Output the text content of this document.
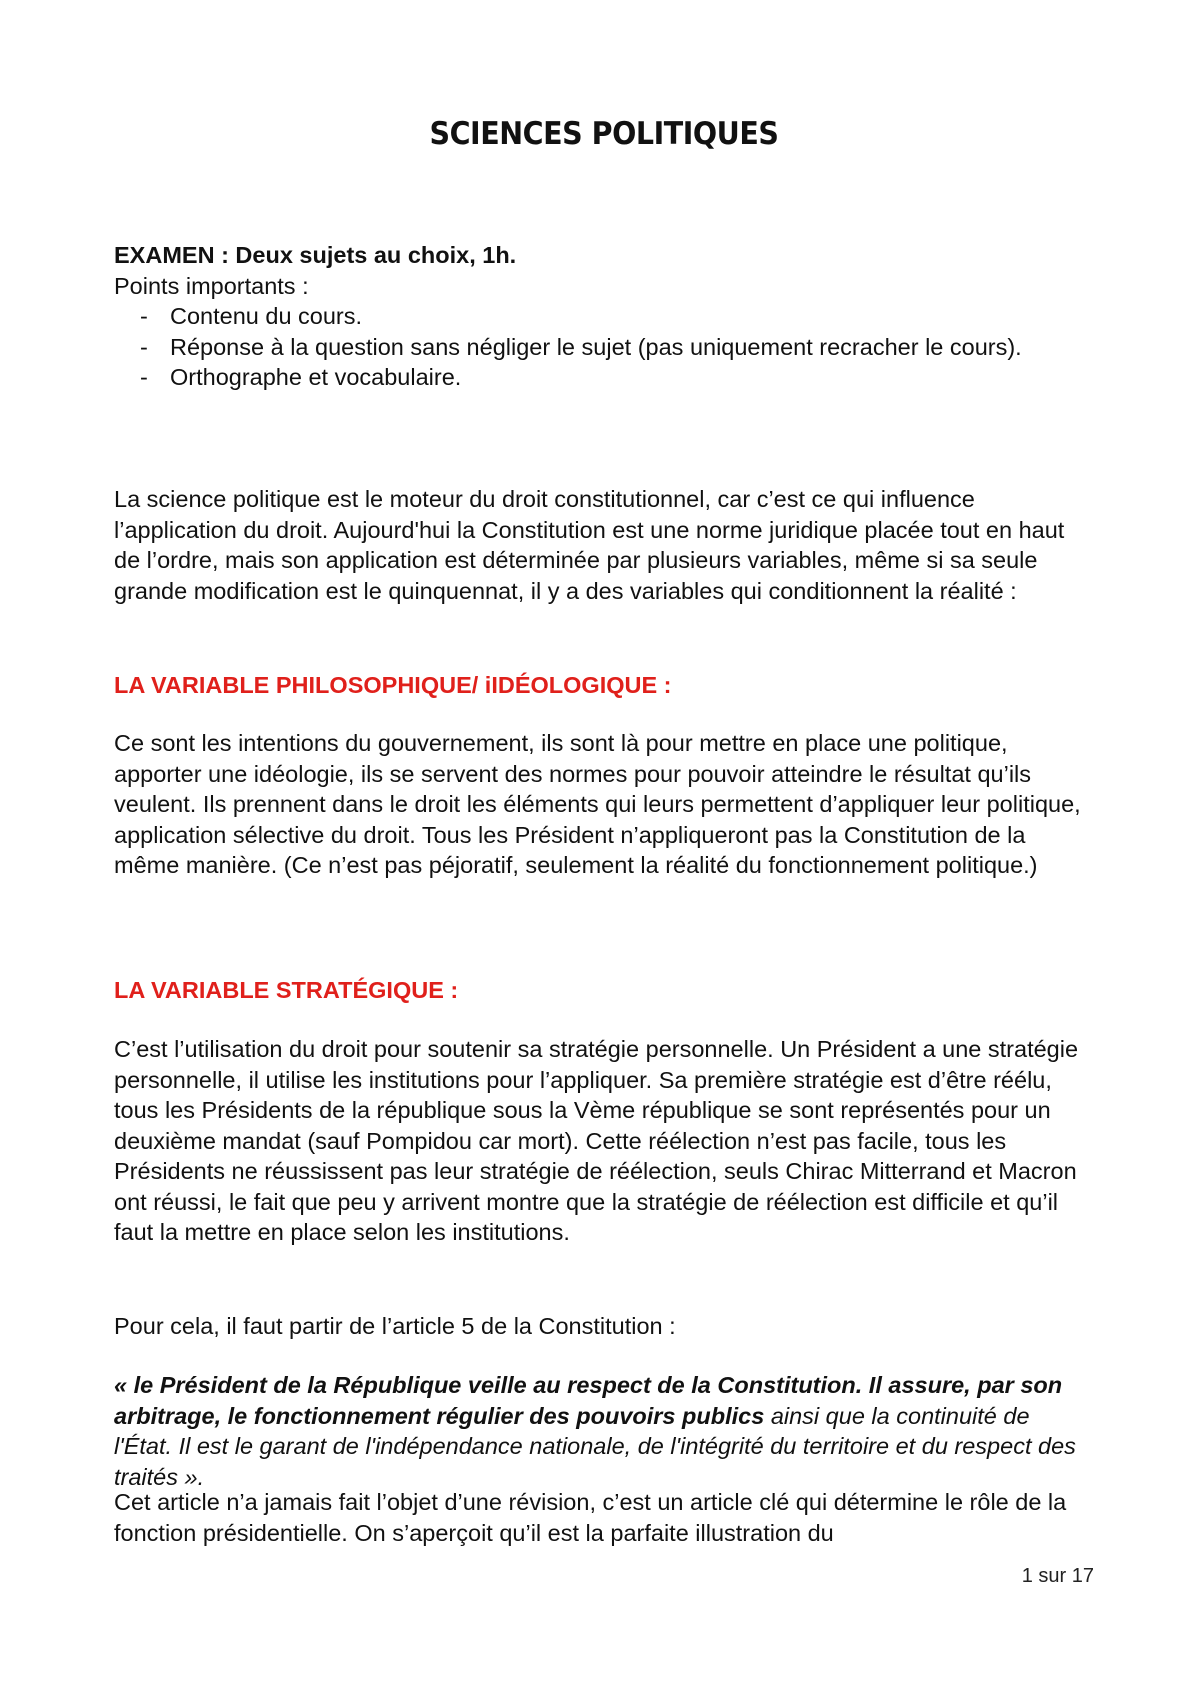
SCIENCES POLITIQUES

EXAMEN : Deux sujets au choix, 1h.

Points importants :

- Contenu du cours.
- Réponse à la question sans négliger le sujet (pas uniquement recracher le cours).
- Orthographe et vocabulaire.

La science politique est le moteur du droit constitutionnel, car c’est ce qui influence l’application du droit. Aujourd'hui la Constitution est une norme juridique placée tout en haut de l’ordre, mais son application est déterminée par plusieurs variables, même si sa seule grande modification est le quinquennat, il y a des variables qui conditionnent la réalité :

LA VARIABLE PHILOSOPHIQUE/ iIDÉOLOGIQUE :

Ce sont les intentions du gouvernement, ils sont là pour mettre en place une politique, apporter une idéologie, ils se servent des normes pour pouvoir atteindre le résultat qu’ils veulent. Ils prennent dans le droit les éléments qui leurs permettent d’appliquer leur politique, application sélective du droit. Tous les Président n’appliqueront pas la Constitution de la même manière. (Ce n’est pas péjoratif, seulement la réalité du fonctionnement politique.)

LA VARIABLE STRATÉGIQUE :

C’est l’utilisation du droit pour soutenir sa stratégie personnelle. Un Président a une stratégie personnelle, il utilise les institutions pour l’appliquer. Sa première stratégie est d’être réélu, tous les Présidents de la république sous la Vème république se sont représentés pour un deuxième mandat (sauf Pompidou car mort). Cette réélection n’est pas facile, tous les Présidents ne réussissent pas leur stratégie de réélection, seuls Chirac Mitterrand et Macron ont réussi, le fait que peu y arrivent montre que la stratégie de réélection est difficile et qu’il faut la mettre en place selon les institutions.

Pour cela, il faut partir de l’article 5 de la Constitution :

« le Président de la République veille au respect de la Constitution. Il assure, par son arbitrage, le fonctionnement régulier des pouvoirs publics ainsi que la continuité de l'État. Il est le garant de l'indépendance nationale, de l'intégrité du territoire et du respect des traités ».

Cet article n’a jamais fait l’objet d’une révision, c’est un article clé qui détermine le rôle de la fonction présidentielle. On s’aperçoit qu’il est la parfaite illustration du

1 sur 17
